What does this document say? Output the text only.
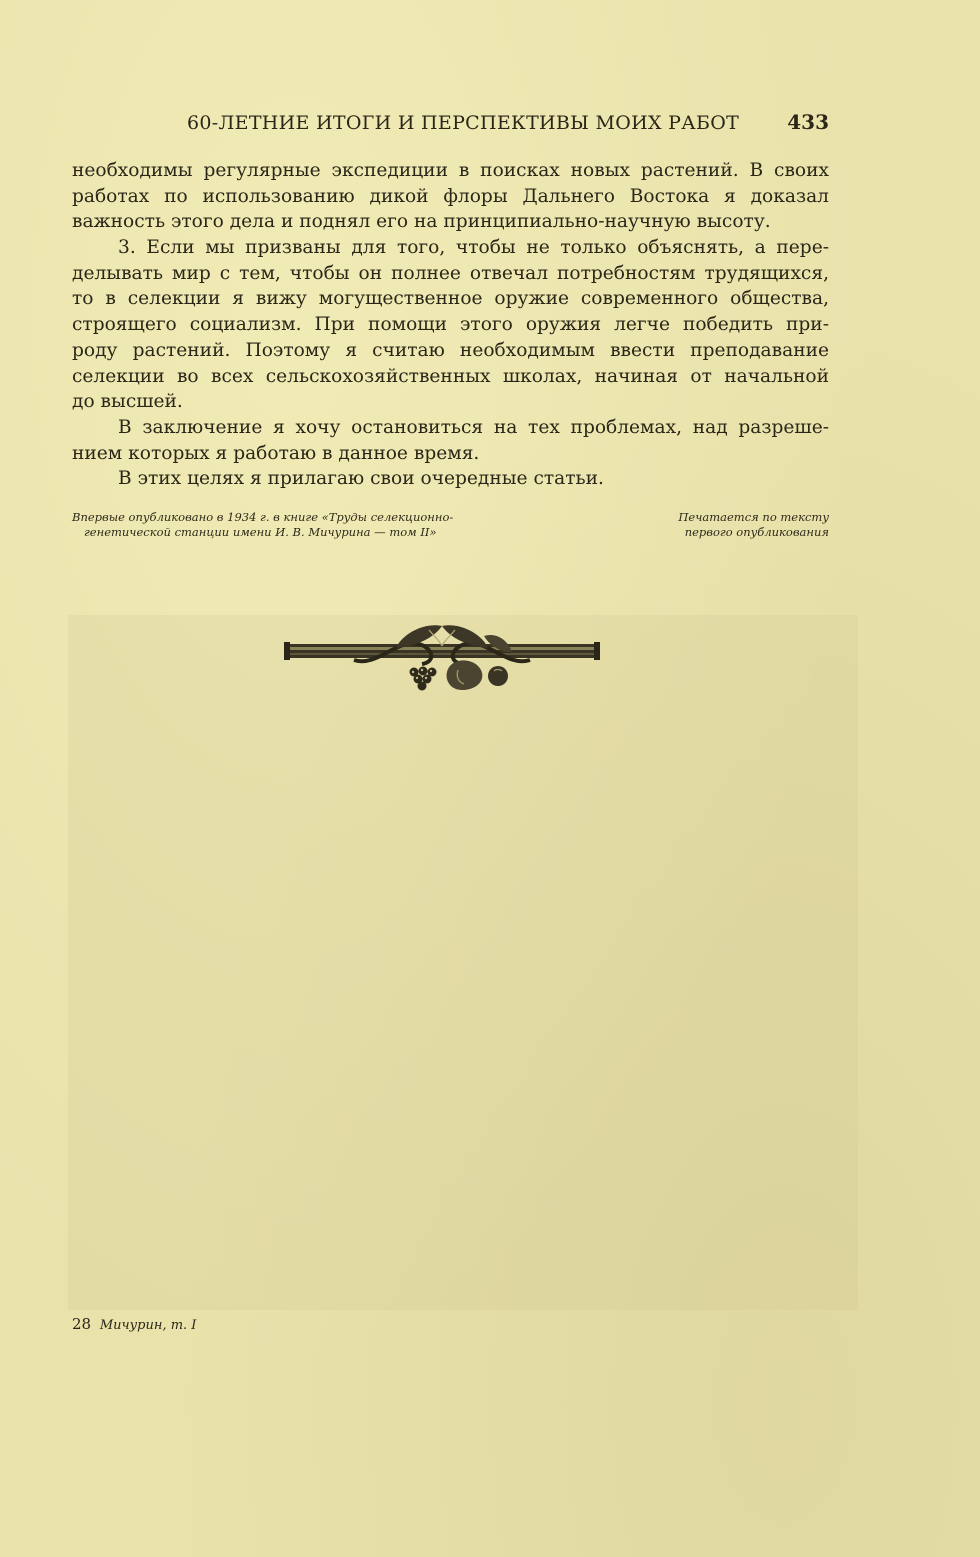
60-ЛЕТНИЕ ИТОГИ И ПЕРСПЕКТИВЫ МОИХ РАБОТ 433
необходимы регулярные экспедиции в поисках новых растений. В своих
работах по использованию дикой флоры Дальнего Востока я доказал
важность этого дела и поднял его на принципиально-научную высоту.
3. Если мы призваны для того, чтобы не только объяснять, а пере-
делывать мир с тем, чтобы он полнее отвечал потребностям трудящихся,
то в селекции я вижу могущественное оружие современного общества,
строящего социализм. При помощи этого оружия легче победить при-
роду растений. Поэтому я считаю необходимым ввести преподавание
селекции во всех сельскохозяйственных школах, начиная от начальной
до высшей.
В заключение я хочу остановиться на тех проблемах, над разреше-
нием которых я работаю в данное время.
В этих целях я прилагаю свои очередные статьи.
Впервые опубликовано в 1934 г. в книге «Труды селекционно-
генетической станции имени И. В. Мичурина — том II»
Печатается по тексту
первого опубликования
28 Мичурин, т. I
